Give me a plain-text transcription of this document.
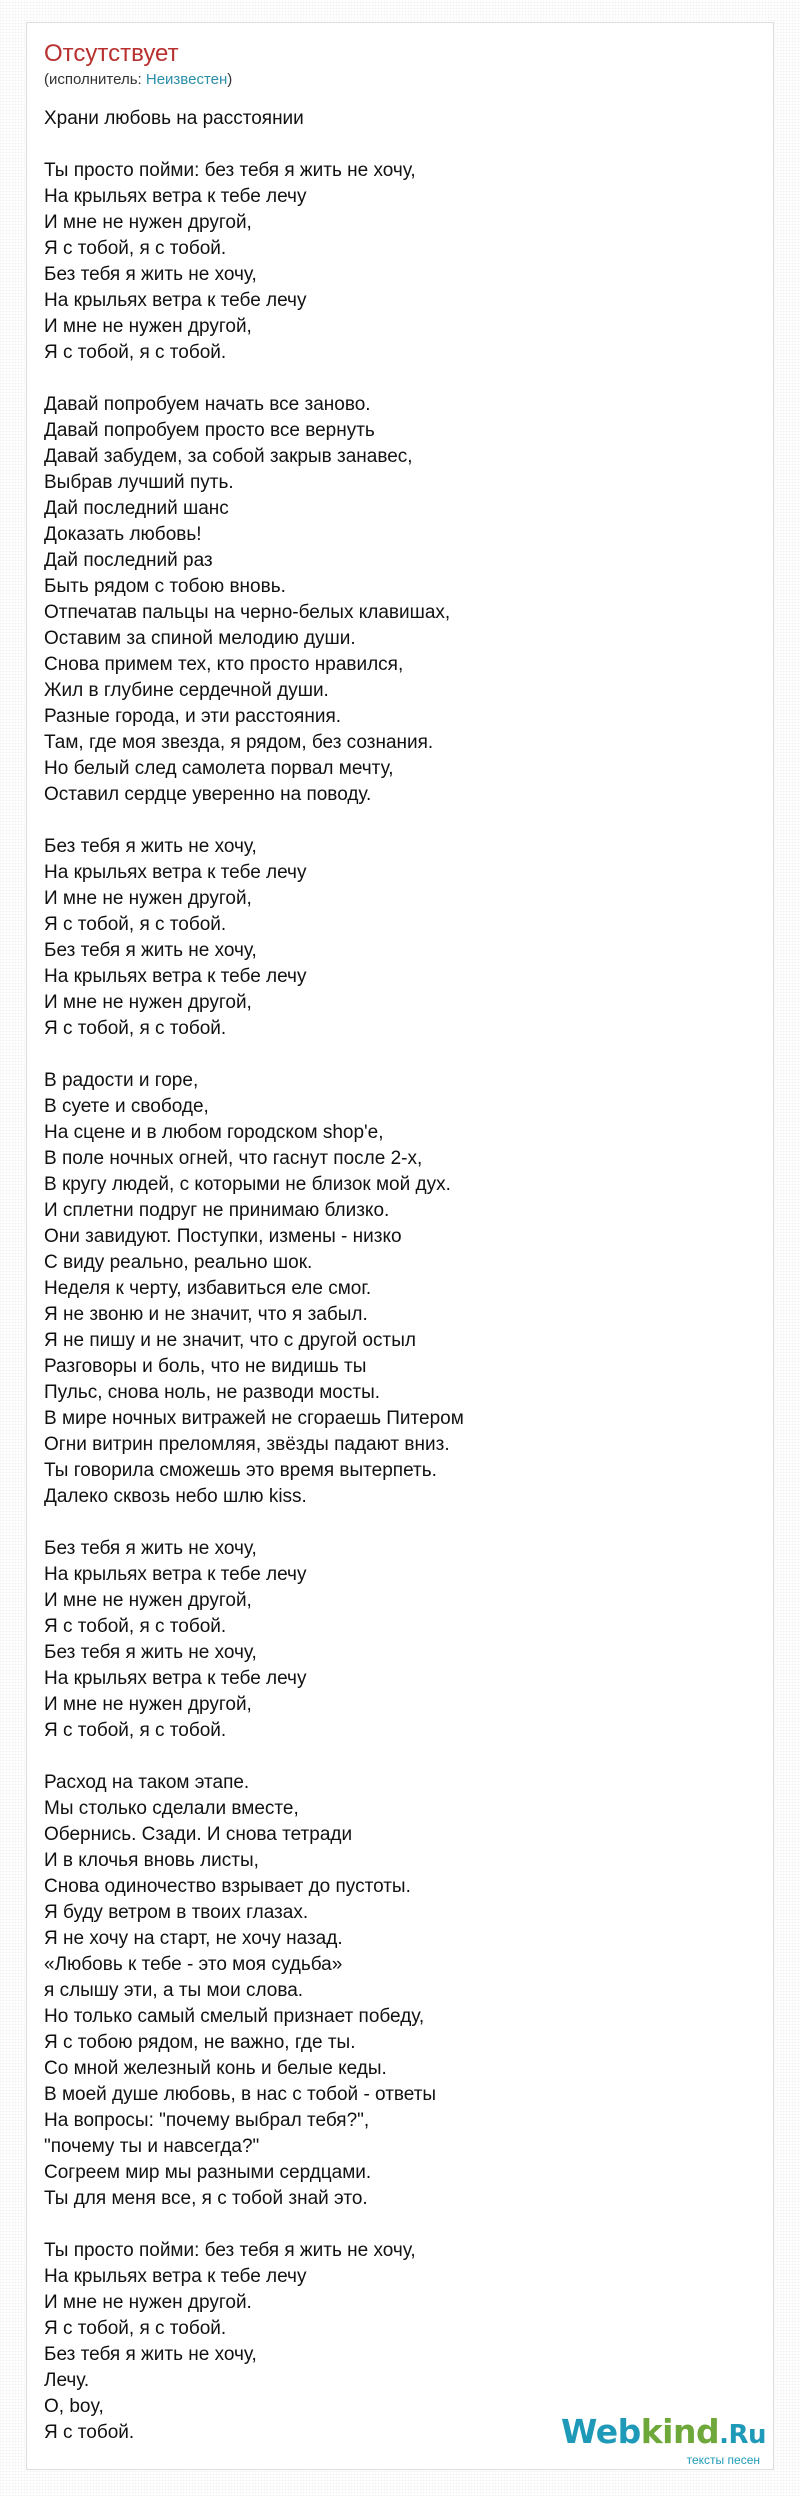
Отсутствует
(исполнитель: Неизвестен)
Храни любовь на расстоянии
Ты просто пойми: без тебя я жить не хочу,
На крыльях ветра к тебе лечу
И мне не нужен другой,
Я с тобой, я с тобой.
Без тебя я жить не хочу,
На крыльях ветра к тебе лечу
И мне не нужен другой,
Я с тобой, я с тобой.
Давай попробуем начать все заново.
Давай попробуем просто все вернуть
Давай забудем, за собой закрыв занавес,
Выбрав лучший путь.
Дай последний шанс
Доказать любовь!
Дай последний раз
Быть рядом с тобою вновь.
Отпечатав пальцы на черно-белых клавишах,
Оставим за спиной мелодию души.
Снова примем тех, кто просто нравился,
Жил в глубине сердечной души.
Разные города, и эти расстояния.
Там, где моя звезда, я рядом, без сознания.
Но белый след самолета порвал мечту,
Оставил сердце уверенно на поводу.
Без тебя я жить не хочу,
На крыльях ветра к тебе лечу
И мне не нужен другой,
Я с тобой, я с тобой.
Без тебя я жить не хочу,
На крыльях ветра к тебе лечу
И мне не нужен другой,
Я с тобой, я с тобой.
В радости и горе,
В суете и свободе,
На сцене и в любом городском shop'е,
В поле ночных огней, что гаснут после 2-х,
В кругу людей, с которыми не близок мой дух.
И сплетни подруг не принимаю близко.
Они завидуют. Поступки, измены - низко
С виду реально, реально шок.
Неделя к черту, избавиться еле смог.
Я не звоню и не значит, что я забыл.
Я не пишу и не значит, что с другой остыл
Разговоры и боль, что не видишь ты
Пульс, снова ноль, не разводи мосты.
В мире ночных витражей не сгораешь Питером
Огни витрин преломляя, звёзды падают вниз.
Ты говорила сможешь это время вытерпеть.
Далеко сквозь небо шлю kiss.
Без тебя я жить не хочу,
На крыльях ветра к тебе лечу
И мне не нужен другой,
Я с тобой, я с тобой.
Без тебя я жить не хочу,
На крыльях ветра к тебе лечу
И мне не нужен другой,
Я с тобой, я с тобой.
Расход на таком этапе.
Мы столько сделали вместе,
Обернись. Сзади. И снова тетради
И в клочья вновь листы,
Снова одиночество взрывает до пустоты.
Я буду ветром в твоих глазах.
Я не хочу на старт, не хочу назад.
«Любовь к тебе - это моя судьба»
я слышу эти, а ты мои слова.
Но только самый смелый признает победу,
Я с тобою рядом, не важно, где ты.
Со мной железный конь и белые кеды.
В моей душе любовь, в нас с тобой - ответы
На вопросы: "почему выбрал тебя?",
"почему ты и навсегда?"
Согреем мир мы разными сердцами.
Ты для меня все, я с тобой знай это.
Ты просто пойми: без тебя я жить не хочу,
На крыльях ветра к тебе лечу
И мне не нужен другой.
Я с тобой, я с тобой.
Без тебя я жить не хочу,
Лечу.
O, boy,
Я с тобой.	Webkind.Ru
тексты песен
